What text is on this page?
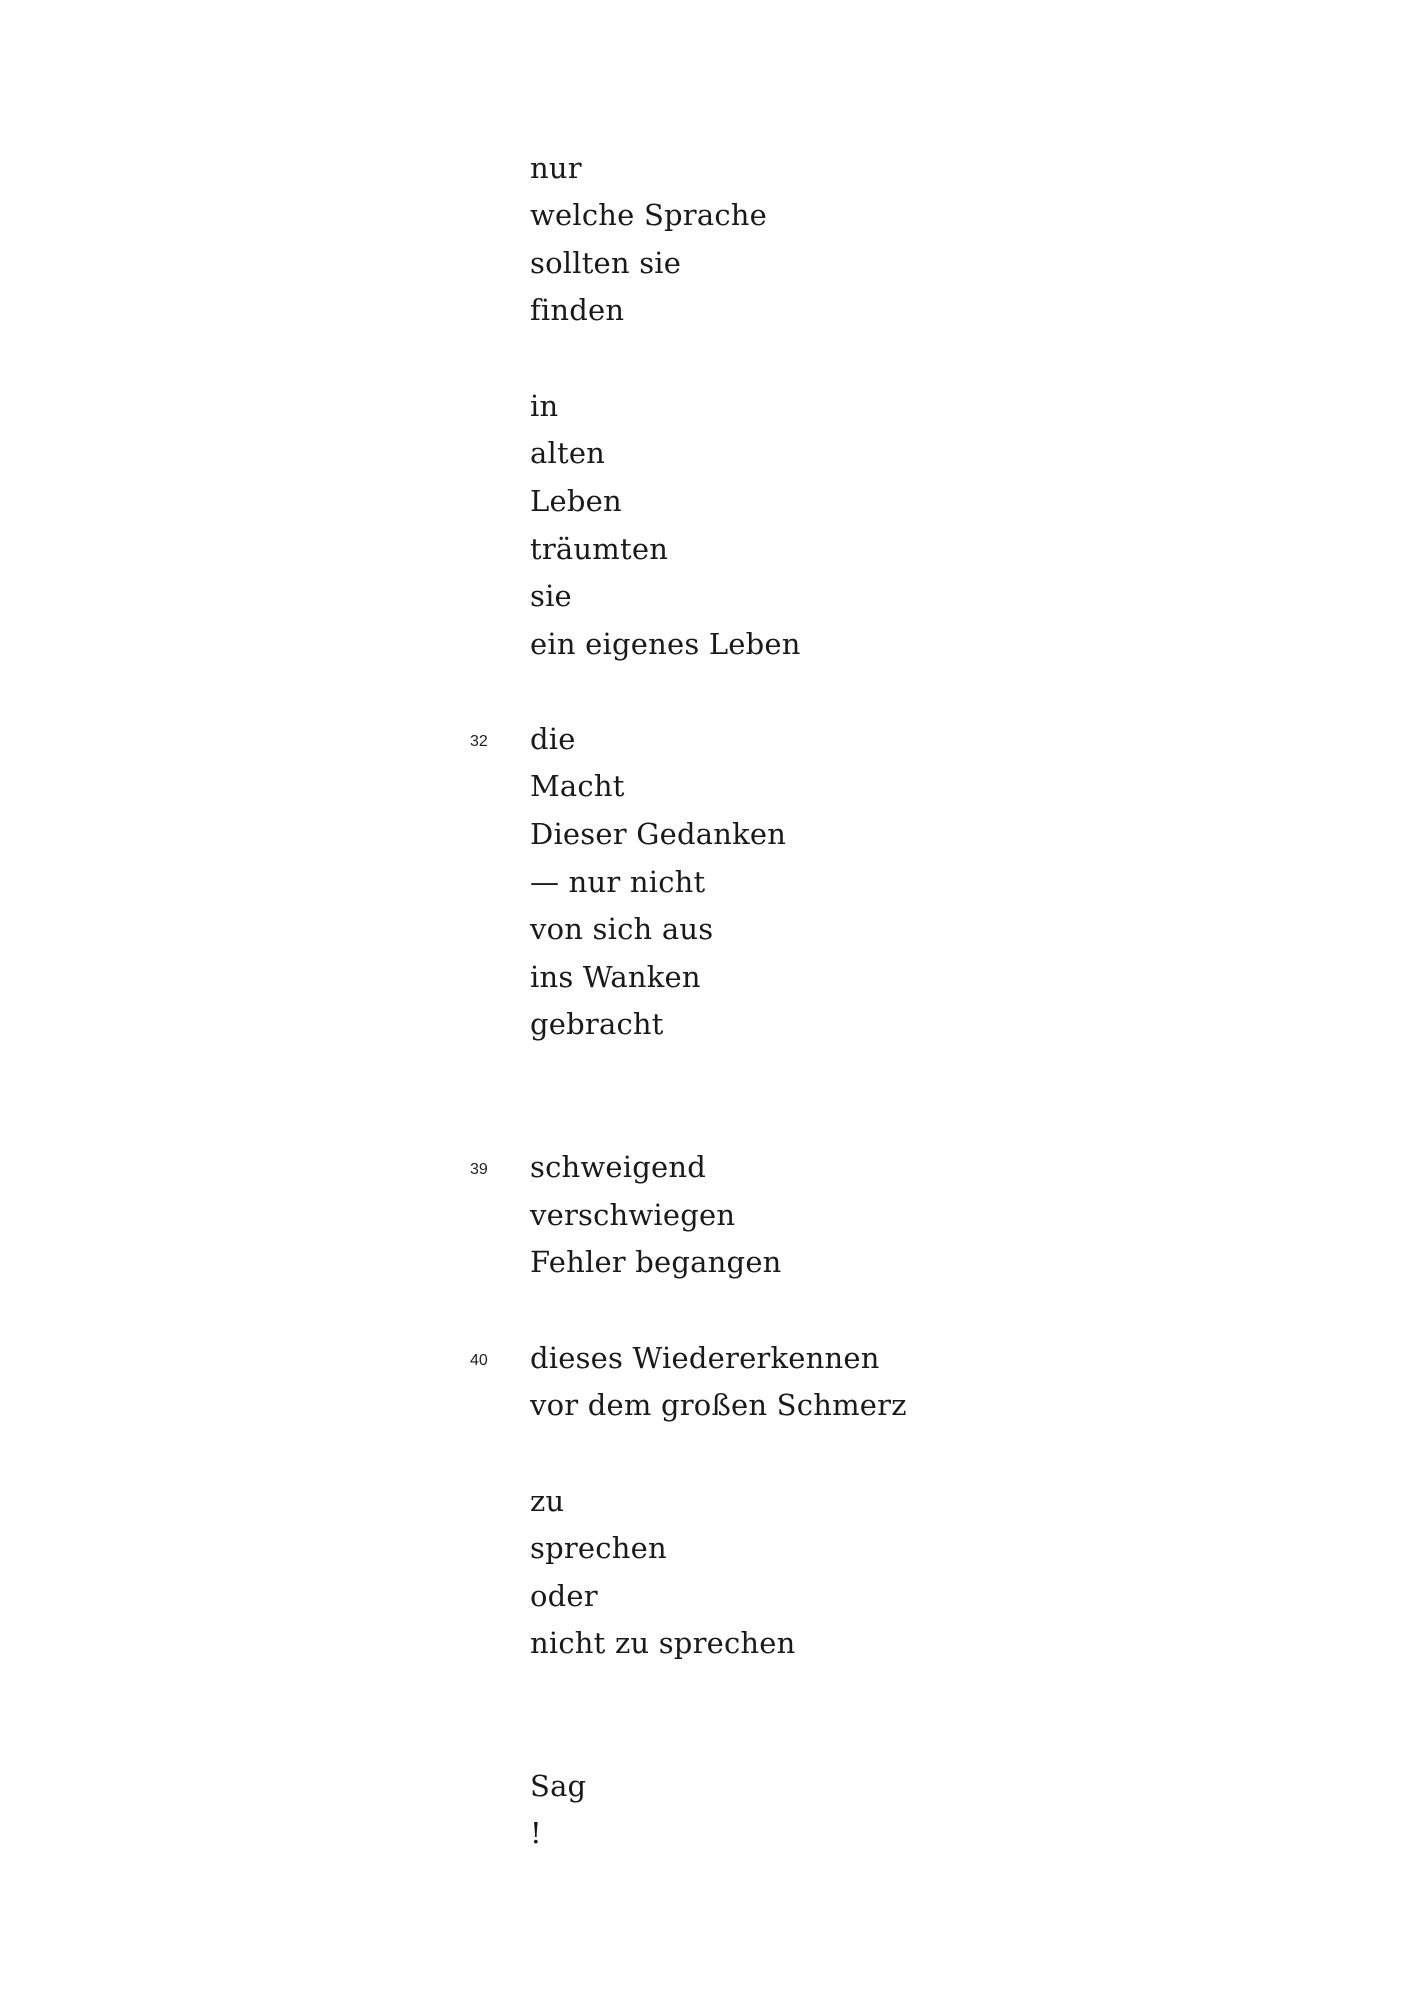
nur
welche Sprache
sollten sie
finden
in
alten
Leben
träumten
sie
ein eigenes Leben
32 die
Macht
Dieser Gedanken
— nur nicht
von sich aus
ins Wanken
gebracht
39 schweigend
verschwiegen
Fehler begangen
40 dieses Wiedererkennen
vor dem großen Schmerz
zu
sprechen
oder
nicht zu sprechen
Sag
!
